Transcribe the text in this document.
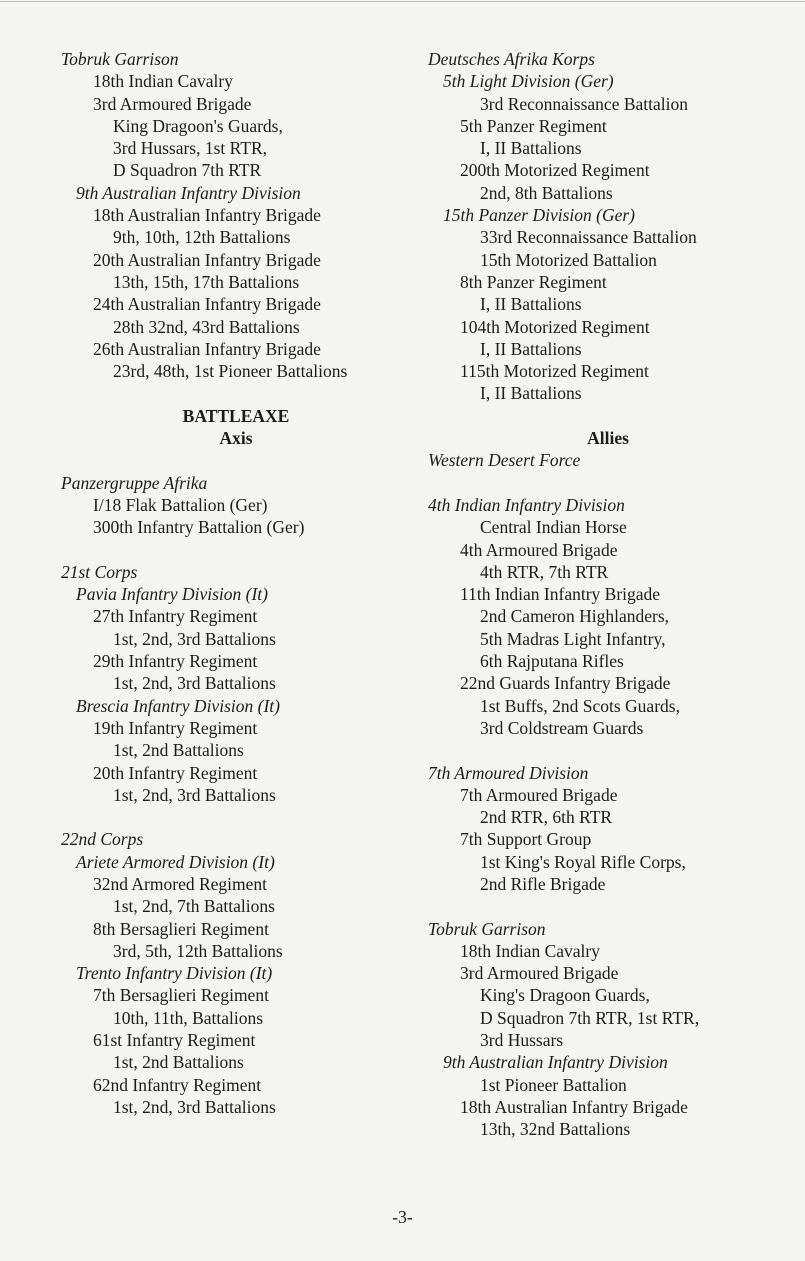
Tobruk Garrison
18th Indian Cavalry
3rd Armoured Brigade
King Dragoon's Guards,
3rd Hussars, 1st RTR,
D Squadron 7th RTR
9th Australian Infantry Division
18th Australian Infantry Brigade
9th, 10th, 12th Battalions
20th Australian Infantry Brigade
13th, 15th, 17th Battalions
24th Australian Infantry Brigade
28th 32nd, 43rd Battalions
26th Australian Infantry Brigade
23rd, 48th, 1st Pioneer Battalions
BATTLEAXE
Axis
Panzergruppe Afrika
I/18 Flak Battalion (Ger)
300th Infantry Battalion (Ger)
21st Corps
Pavia Infantry Division (It)
27th Infantry Regiment
1st, 2nd, 3rd Battalions
29th Infantry Regiment
1st, 2nd, 3rd Battalions
Brescia Infantry Division (It)
19th Infantry Regiment
1st, 2nd Battalions
20th Infantry Regiment
1st, 2nd, 3rd Battalions
22nd Corps
Ariete Armored Division (It)
32nd Armored Regiment
1st, 2nd, 7th Battalions
8th Bersaglieri Regiment
3rd, 5th, 12th Battalions
Trento Infantry Division (It)
7th Bersaglieri Regiment
10th, 11th, Battalions
61st Infantry Regiment
1st, 2nd Battalions
62nd Infantry Regiment
1st, 2nd, 3rd Battalions
Deutsches Afrika Korps
5th Light Division (Ger)
3rd Reconnaissance Battalion
5th Panzer Regiment
I, II Battalions
200th Motorized Regiment
2nd, 8th Battalions
15th Panzer Division (Ger)
33rd Reconnaissance Battalion
15th Motorized Battalion
8th Panzer Regiment
I, II Battalions
104th Motorized Regiment
I, II Battalions
115th Motorized Regiment
I, II Battalions
Allies
Western Desert Force
4th Indian Infantry Division
Central Indian Horse
4th Armoured Brigade
4th RTR, 7th RTR
11th Indian Infantry Brigade
2nd Cameron Highlanders,
5th Madras Light Infantry,
6th Rajputana Rifles
22nd Guards Infantry Brigade
1st Buffs, 2nd Scots Guards,
3rd Coldstream Guards
7th Armoured Division
7th Armoured Brigade
2nd RTR, 6th RTR
7th Support Group
1st King's Royal Rifle Corps,
2nd Rifle Brigade
Tobruk Garrison
18th Indian Cavalry
3rd Armoured Brigade
King's Dragoon Guards,
D Squadron 7th RTR, 1st RTR,
3rd Hussars
9th Australian Infantry Division
1st Pioneer Battalion
18th Australian Infantry Brigade
13th, 32nd Battalions
-3-
